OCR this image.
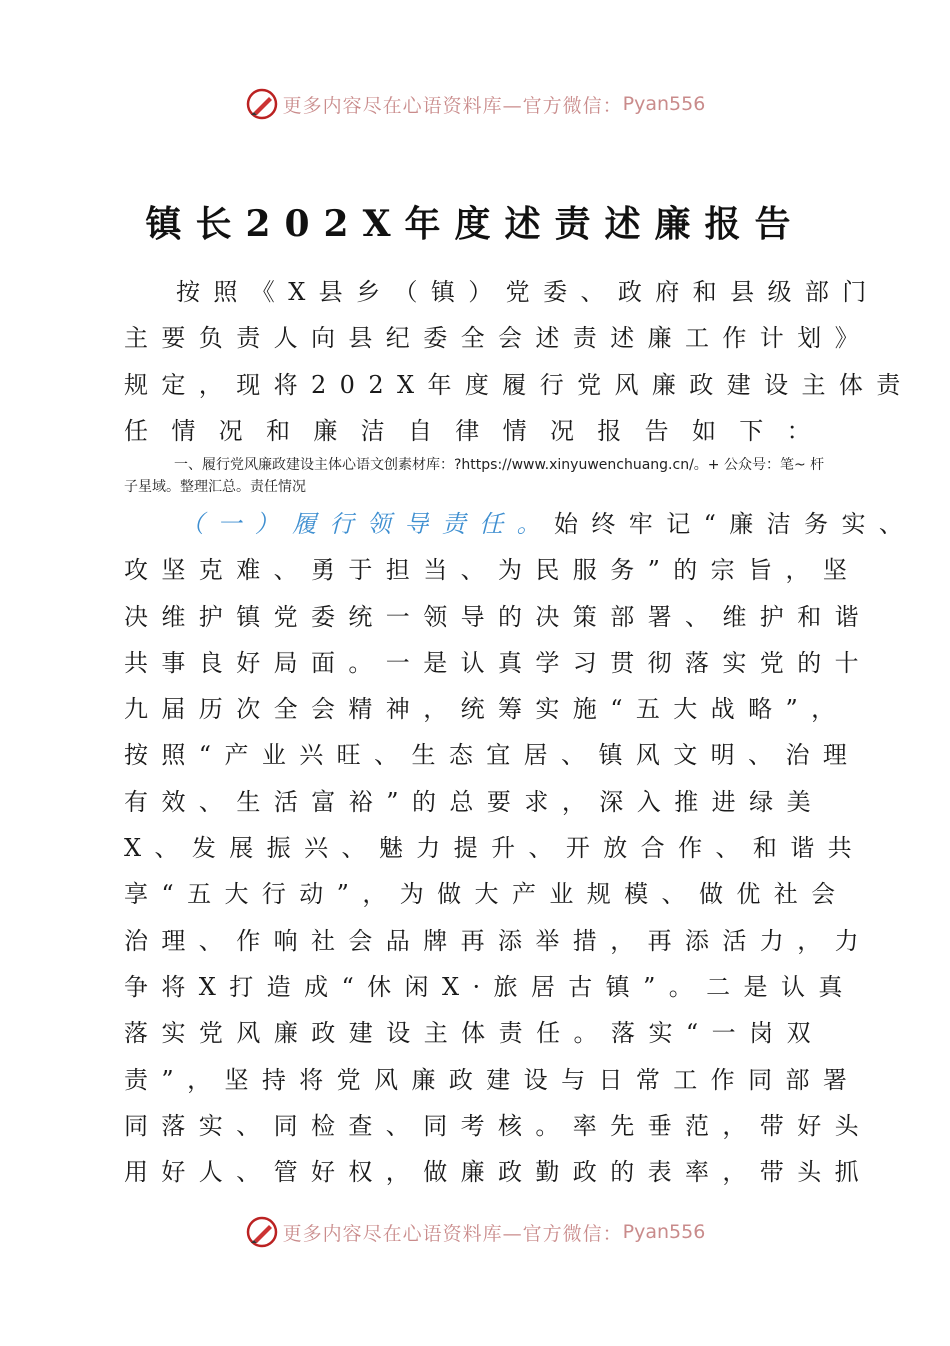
更多内容尽在心语资料库—官方微信： Pyan556
镇长202X年度述责述廉报告
按照《X县乡（镇）党委、政府和县级部门
主要负责人向县纪委全会述责述廉工作计划》
规定，现将202X年度履行党风廉政建设主体责
任情况和廉洁自律情况报告如下：
一、履行党风廉政建设主体心语文创素材库：?https://www.xinyuwenchuang.cn/。+ 公众号：笔~ 杆子星域。整理汇总。责任情况
（一）履行领导责任。始终牢记“廉洁务实、
攻坚克难、勇于担当、为民服务”的宗旨，坚
决维护镇党委统一领导的决策部署、维护和谐
共事良好局面。一是认真学习贯彻落实党的十
九届历次全会精神，统筹实施“五大战略”，
按照“产业兴旺、生态宜居、镇风文明、治理
有效、生活富裕”的总要求，深入推进绿美
X、发展振兴、魅力提升、开放合作、和谐共
享“五大行动”，为做大产业规模、做优社会
治理、作响社会品牌再添举措，再添活力，力
争将X打造成“休闲X·旅居古镇”。二是认真
落实党风廉政建设主体责任。落实“一岗双
责”，坚持将党风廉政建设与日常工作同部署
同落实、同检查、同考核。率先垂范，带好头
用好人、管好权，做廉政勤政的表率，带头抓
更多内容尽在心语资料库—官方微信： Pyan556
